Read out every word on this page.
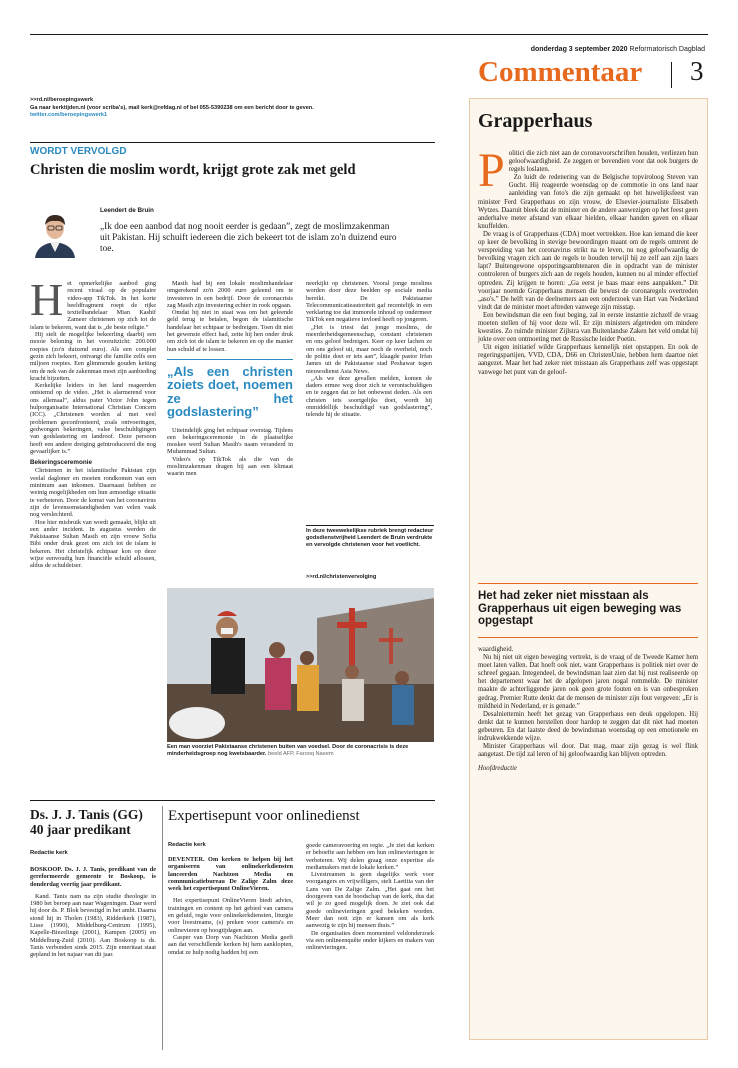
donderdag 3 september 2020 Reformatorisch Dagblad
Commentaar 3
>>rd.nl/beroepingswerk
Ga naar kerktijden.nl (voor scriba's), mail kerk@refdag.nl of bel 055-5390238 om een bericht door te geven.
twitter.com/beroepingswerk1
WORDT VERVOLGD
Christen die moslim wordt, krijgt grote zak met geld
Leendert de Bruin
„Ik doe een aanbod dat nog nooit eerder is gedaan”, zegt de moslimzakenman uit Pakistan. Hij schuift iedereen die zich bekeert tot de islam zo'n duizend euro toe.
H et opmerkelijke aanbod ging recent viraal op de populaire video-app TikTok. In het korte beeldfragment roept de rijke textielhandelaar Mian Kashif Zameer christenen op zich tot de islam te bekeren, want dat is „de beste religie.”

Hij stelt de mogelijke bekeerling daarbij een mooie beloning in het vooruitzicht: 200.000 roepies (zo'n duizend euro). Als een complet gezin zich bekeert, ontvangt die familie zelfs een miljoen roepies. Een glimmende gouden ketting om de nek van de zakenman moet zijn aanbieding kracht bijzetten.

Kerkelijke leiders in het land reageerden ontstemd op de video. „Het is alarmerend voor ons allemaal”, aldus pater Victor John tegen hulporganisatie International Christian Concern (ICC). „Christenen worden al met veel problemen geconfronteerd, zoals ontvoeringen, gedwongen bekeringen, valse beschuldigingen van godslastering en landroof. Deze persoon heeft een andere dreiging geïntroduceerd die nog gevaarlijker is.”

Bekeringsceremonie

Christenen in het islamitische Pakistan zijn veelal dagloner en moeten rondkomen van een minimum aan inkomen. Daarnaast hebben ze weinig mogelijkheden om hun armoedige situatie te verbeteren. Door de komst van het coronavirus zijn de levensomstandigheden van velen vaak nog verslechterd.

Hoe hier misbruik van wordt gemaakt, blijkt uit een ander incident. In augustus werden de Pakistaanse Sultan Masih en zijn vrouw Sofia Bibi onder druk gezet om zich tot de islam te bekeren. Het christelijk echtpaar kon op deze wijze eenvoudig hun financiële schuld aflossen, aldus de schuldeiser.

Masih had bij een lokale moslimhandelaar omgerekend zo'n 2000 euro geleend om te investeren in een bedrijf. Door de coronacrisis zag Masih zijn investering echter in rook opgaan.

Omdat hij niet in staat was om het geleende geld terug te betalen, begon de islamitische handelaar het echtpaar te bedreigen. Toen dit niet het gewenste effect had, zette hij hen onder druk om zich tot de islam te bekeren en op die manier hun schuld af te lossen.

„Als een christen zoiets doet, noemen ze het godslastering”

Uiteindelijk ging het echtpaar overstag. Tijdens een bekeringsceremonie in de plaatselijke moskee werd Sultan Masih's naam veranderd in Muhammad Sultan.

Video's op TikTok als die van de moslimzakenman dragen bij aan een klimaat waarin men

neerkijkt op christenen. Vooral jonge moslims worden door deze beelden op sociale media bereikt. De Pakistaanse Telecommunicatieautoriteit gaf recentelijk in een verklaring toe dat immorele inhoud op ondermeer TikTok een negatieve invloed heeft op jongeren.

„Het is triest dat jonge moslims, de meerderheidsgemeenschap, constant christenen en ons geloof bedreigen. Keer op keer lachen ze om ons geloof uit, maar noch de overheid, noch de politie doet er iets aan”, klaagde pastor Irfan James uit de Pakistaanse stad Peshawar tegen nieuwsdienst Asia News.

„Als we deze gevallen melden, komen de daders ermee weg door zich te verontschuldigen en te zeggen dat ze het onbewust deden. Als een christen iets soortgelijks doet, wordt hij onmiddellijk beschuldigd van godslastering”, telende hij de situatie.

In deze tweewekelijkse rubriek brengt redacteur godsdienstvrijheid Leendert de Bruin verdrukte en vervolgde christenen voor het voetlicht.
>>rd.nl/christenvervolging
Een man voorziet Pakistaanse christenen buiten van voedsel. Door de coronacrisis is deze minderheidsgroep nog kwetsbaarder. beeld AFP, Farooq Naeem
Ds. J. J. Tanis (GG)
40 jaar predikant
Redactie kerk

BOSKOOP. Ds. J. J. Tanis, predikant van de gereformeerde gemeente te Boskoop, is donderdag veertig jaar predikant.

Kand. Tanis nam na zijn studie theologie in 1980 het beroep aan naar Wageningen. Daar werd hij door ds. P. Blok bevestigd in het ambt. Daarna stond hij in Tholen (1983), Ridderkerk (1987), Lisse (1990), Middelburg-Centrum (1995), Kapelle-Biezelinge (2001), Kampen (2005) en Middelburg-Zuid (2010). Aan Boskoop is ds. Tanis verbonden sinds 2015. Zijn emeritaat staat gepland in het najaar van dit jaar.

Expertisepunt voor onlinedienst
Redactie kerk

DEVENTER. Om kerken te helpen bij het organiseren van onlinekerkdiensten lanceerden Nachtzon Media en communicatiebureau De Zalige Zalm deze week het expertisepunt OnlineVieren.

Het expertisepunt OnlineVieren biedt advies, trainingen en content op het gebied van camera en geluid, regie voor onlinekerkdiensten, liturgie voor livestreams, (s) preken voor camera's en onlinevieren op hoogtijdagen aan.

Casper van Dorp van Nachtzon Media geeft aan dat verschillende kerken bij hem aanklopten, omdat ze hulp nodig hadden bij een

goede cameravoering en regie. „Je ziet dat kerken er behoefte aan hebben om hun onlinevieringen te verbeteren. Wij delen graag onze expertise als mediamakers met de lokale kerken.”

Livestreamen is geen dagelijks werk voor voorgangers en vrijwilligers, stelt Laetitia van der Lans van De Zalige Zalm. „Het gaat om het doorgeven van de boodschap van de kerk, dus dat wil je zo goed mogelijk doen. Je ziet ook dat goede onlinevieringen goed bekeken worden. Meer dan ooit zijn er kansen om als kerk aanwezig te zijn bij mensen thuis.”

De organisaties doen momenteel veldonderzoek via een onlineenquête onder kijkers en makers van onlinevieringen.

Grapperhaus
P olitici die zich niet aan de coronavoorschriften houden, verliezen hun geloofwaardigheid. Ze zeggen er bovendien voor dat ook burgers de regels loslaten.

Zo luidt de redenering van de Belgische topviroloog Steven van Gucht. Hij reageerde woensdag op de commotie in ons land naar aanleiding van foto's die zijn gemaakt op het huwelijksfeest van minister Ferd Grapperhaus en zijn vrouw, de Elsevier-journaliste Elisabeth Wytzes. Daaruit bleek dat de minister en de andere aanwezigen op het feest geen anderhalve meter afstand van elkaar hielden, elkaar handen gaven en elkaar knuffelden.

De vraag is of Grapperhaus (CDA) moet vertrekken. Hoe kan iemand die keer op keer de bevolking in stevige bewoordingen maant om de regels omtrent de verspreiding van het coronavirus strikt na te leven, nu nog geloofwaardig de bevolking vragen zich aan de regels te houden terwijl hij ze zelf aan zijn laars lapt? Buitengewone opsporingsambtenaren die in opdracht van de minister controleren of burgers zich aan de regels houden, kunnen nu al minder effectief optreden. Zij krijgen te horen: „Ga eerst je baas maar eens aanpakken.” Dit voorjaar noemde Grapperhaus mensen die bewust de coronaregels overtreden „aso's.” De helft van de deelnemers aan een onderzoek van Hart van Nederland vindt dat de minister moet aftreden vanwege zijn misstap.

Een bewindsman die een fout beging, zal in eerste instantie zichzelf de vraag moeten stellen of hij voor deze wil. Er zijn ministers afgetreden om mindere kwesties. Zo ruimde minister Zijlstra van Buitenlandse Zaken het veld omdat hij jokte over een ontmoeting met de Russische leider Poetin.

Uit eigen initiatief wilde Grapperhaus kennelijk niet opstappen. En ook de regeringspartijen, VVD, CDA, D66 en ChristenUnie, hebben hem daartoe niet aangezet. Maar het had zeker niet misstaan als Grapperhaus zelf was opgestapt vanwege het punt van de geloof-

Het had zeker niet misstaan als Grapperhaus uit eigen beweging was opgestapt

waardigheid.

Nu hij niet uit eigen beweging vertrekt, is de vraag of de Tweede Kamer hem moet laten vallen. Dat hoeft ook niet, want Grapperhaus is politiek niet over de schreef gegaan. Integendeel, de bewindsman laat zien dat hij rust realiseerde op het departement waar het de afgelopen jaren nogal rommelde. De minister maakte de achterliggende jaren ook geen grote fouten en is van onbesproken gedrag. Premier Rutte denkt dat de mensen de minister zijn fout vergeven: „Er is mildheid in Nederland, er is genade.”

Desalniettemin heeft het gezag van Grapperhaus een deuk opgelopen. Hij denkt dat te kunnen herstellen door hardop te zeggen dat dit niet had moeten gebeuren. En dat laatste deed de bewindsman woensdag op een emotionele en indrukwekkende wijze.

Minister Grapperhaus wil door. Dat mag, maar zijn gezag is wel flink aangetast. De tijd zal leren of hij geloofwaardig kan blijven optreden.

Hoofdredactie
